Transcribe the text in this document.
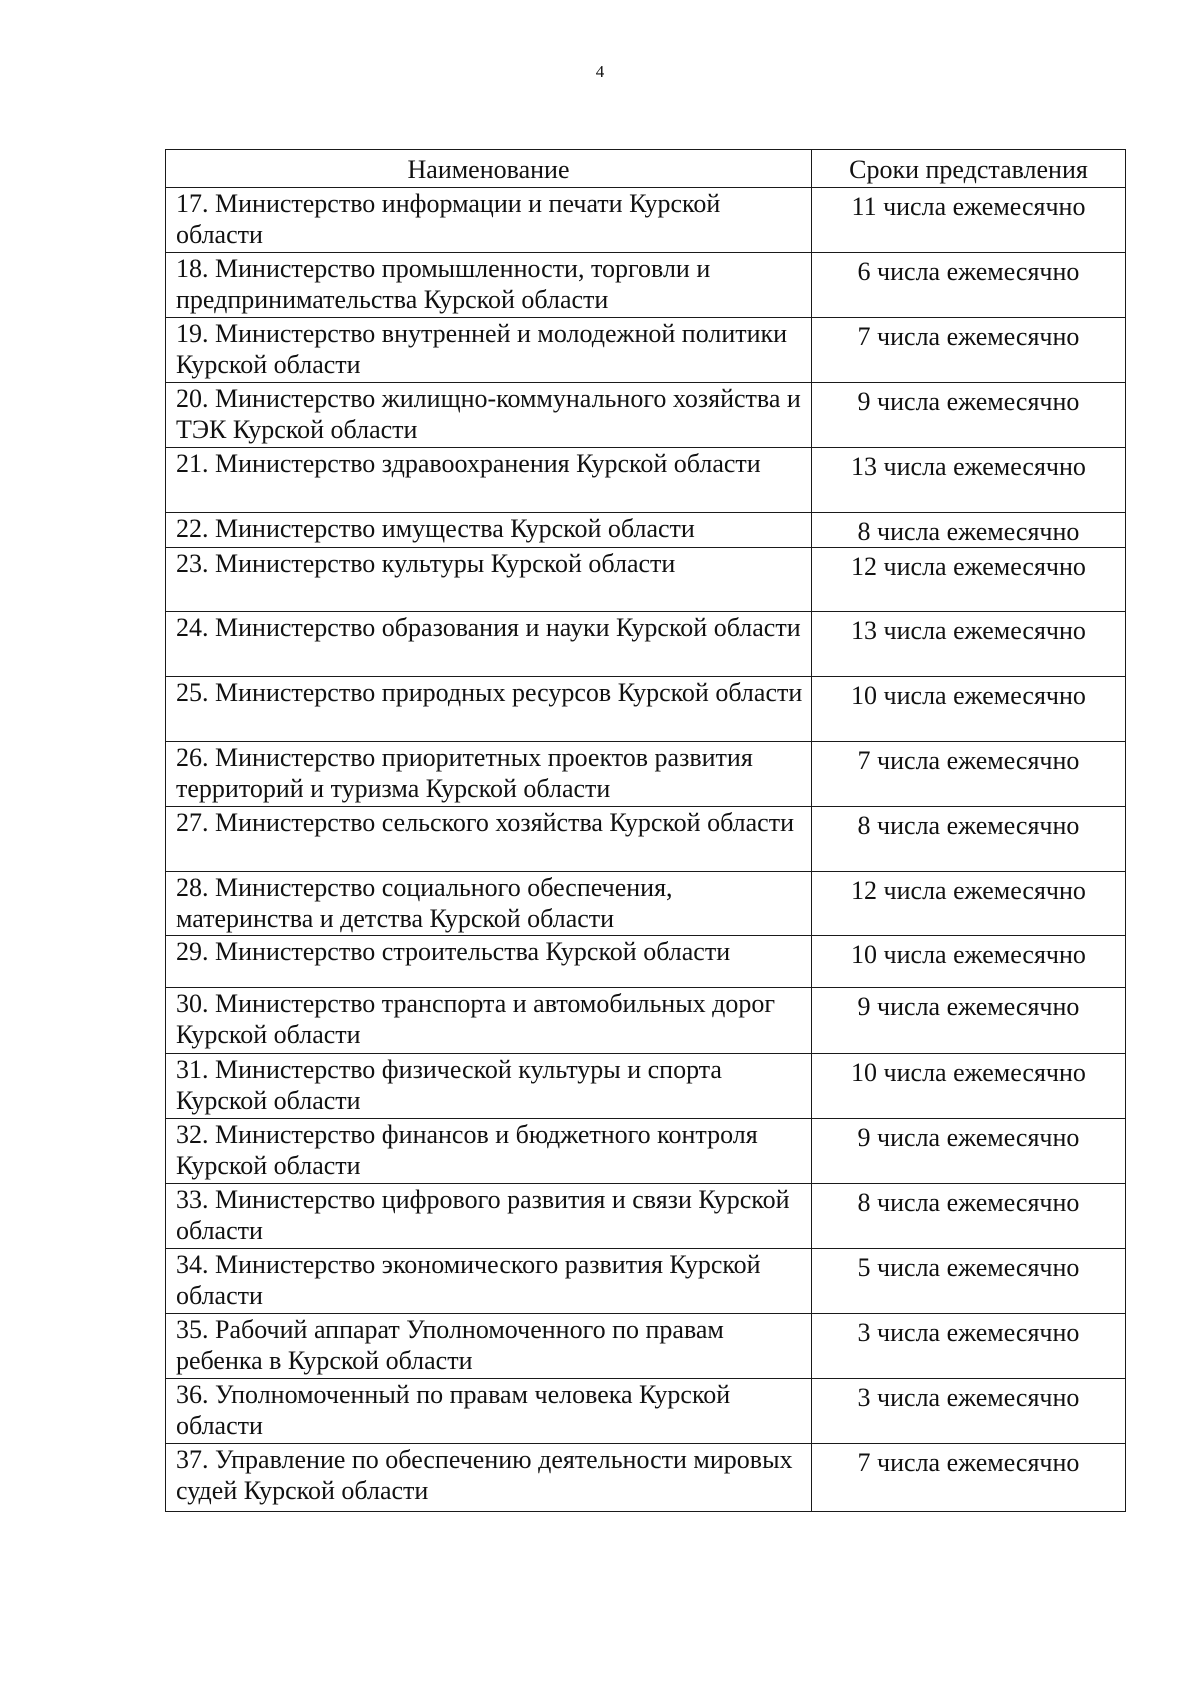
4
Наименование	Сроки представления
17. Министерство информации и печати Курской области	11 числа ежемесячно
18. Министерство промышленности, торговли и предпринимательства Курской области	6 числа ежемесячно
19. Министерство внутренней и молодежной политики Курской области	7 числа ежемесячно
20. Министерство жилищно-коммунального хозяйства и ТЭК Курской области	9 числа ежемесячно
21. Министерство здравоохранения Курской области	13 числа ежемесячно
22. Министерство имущества Курской области	8 числа ежемесячно
23. Министерство культуры Курской области	12 числа ежемесячно
24. Министерство образования и науки Курской области	13 числа ежемесячно
25. Министерство природных ресурсов Курской области	10 числа ежемесячно
26. Министерство приоритетных проектов развития территорий и туризма Курской области	7 числа ежемесячно
27. Министерство сельского хозяйства Курской области	8 числа ежемесячно
28. Министерство социального обеспечения, материнства и детства Курской области	12 числа ежемесячно
29. Министерство строительства Курской области	10 числа ежемесячно
30. Министерство транспорта и автомобильных дорог Курской области	9 числа ежемесячно
31. Министерство физической культуры и спорта Курской области	10 числа ежемесячно
32. Министерство финансов и бюджетного контроля Курской области	9 числа ежемесячно
33. Министерство цифрового развития и связи Курской области	8 числа ежемесячно
34. Министерство экономического развития Курской области	5 числа ежемесячно
35. Рабочий аппарат Уполномоченного по правам ребенка в Курской области	3 числа ежемесячно
36. Уполномоченный по правам человека Курской области	3 числа ежемесячно
37. Управление по обеспечению деятельности мировых судей Курской области	7 числа ежемесячно
